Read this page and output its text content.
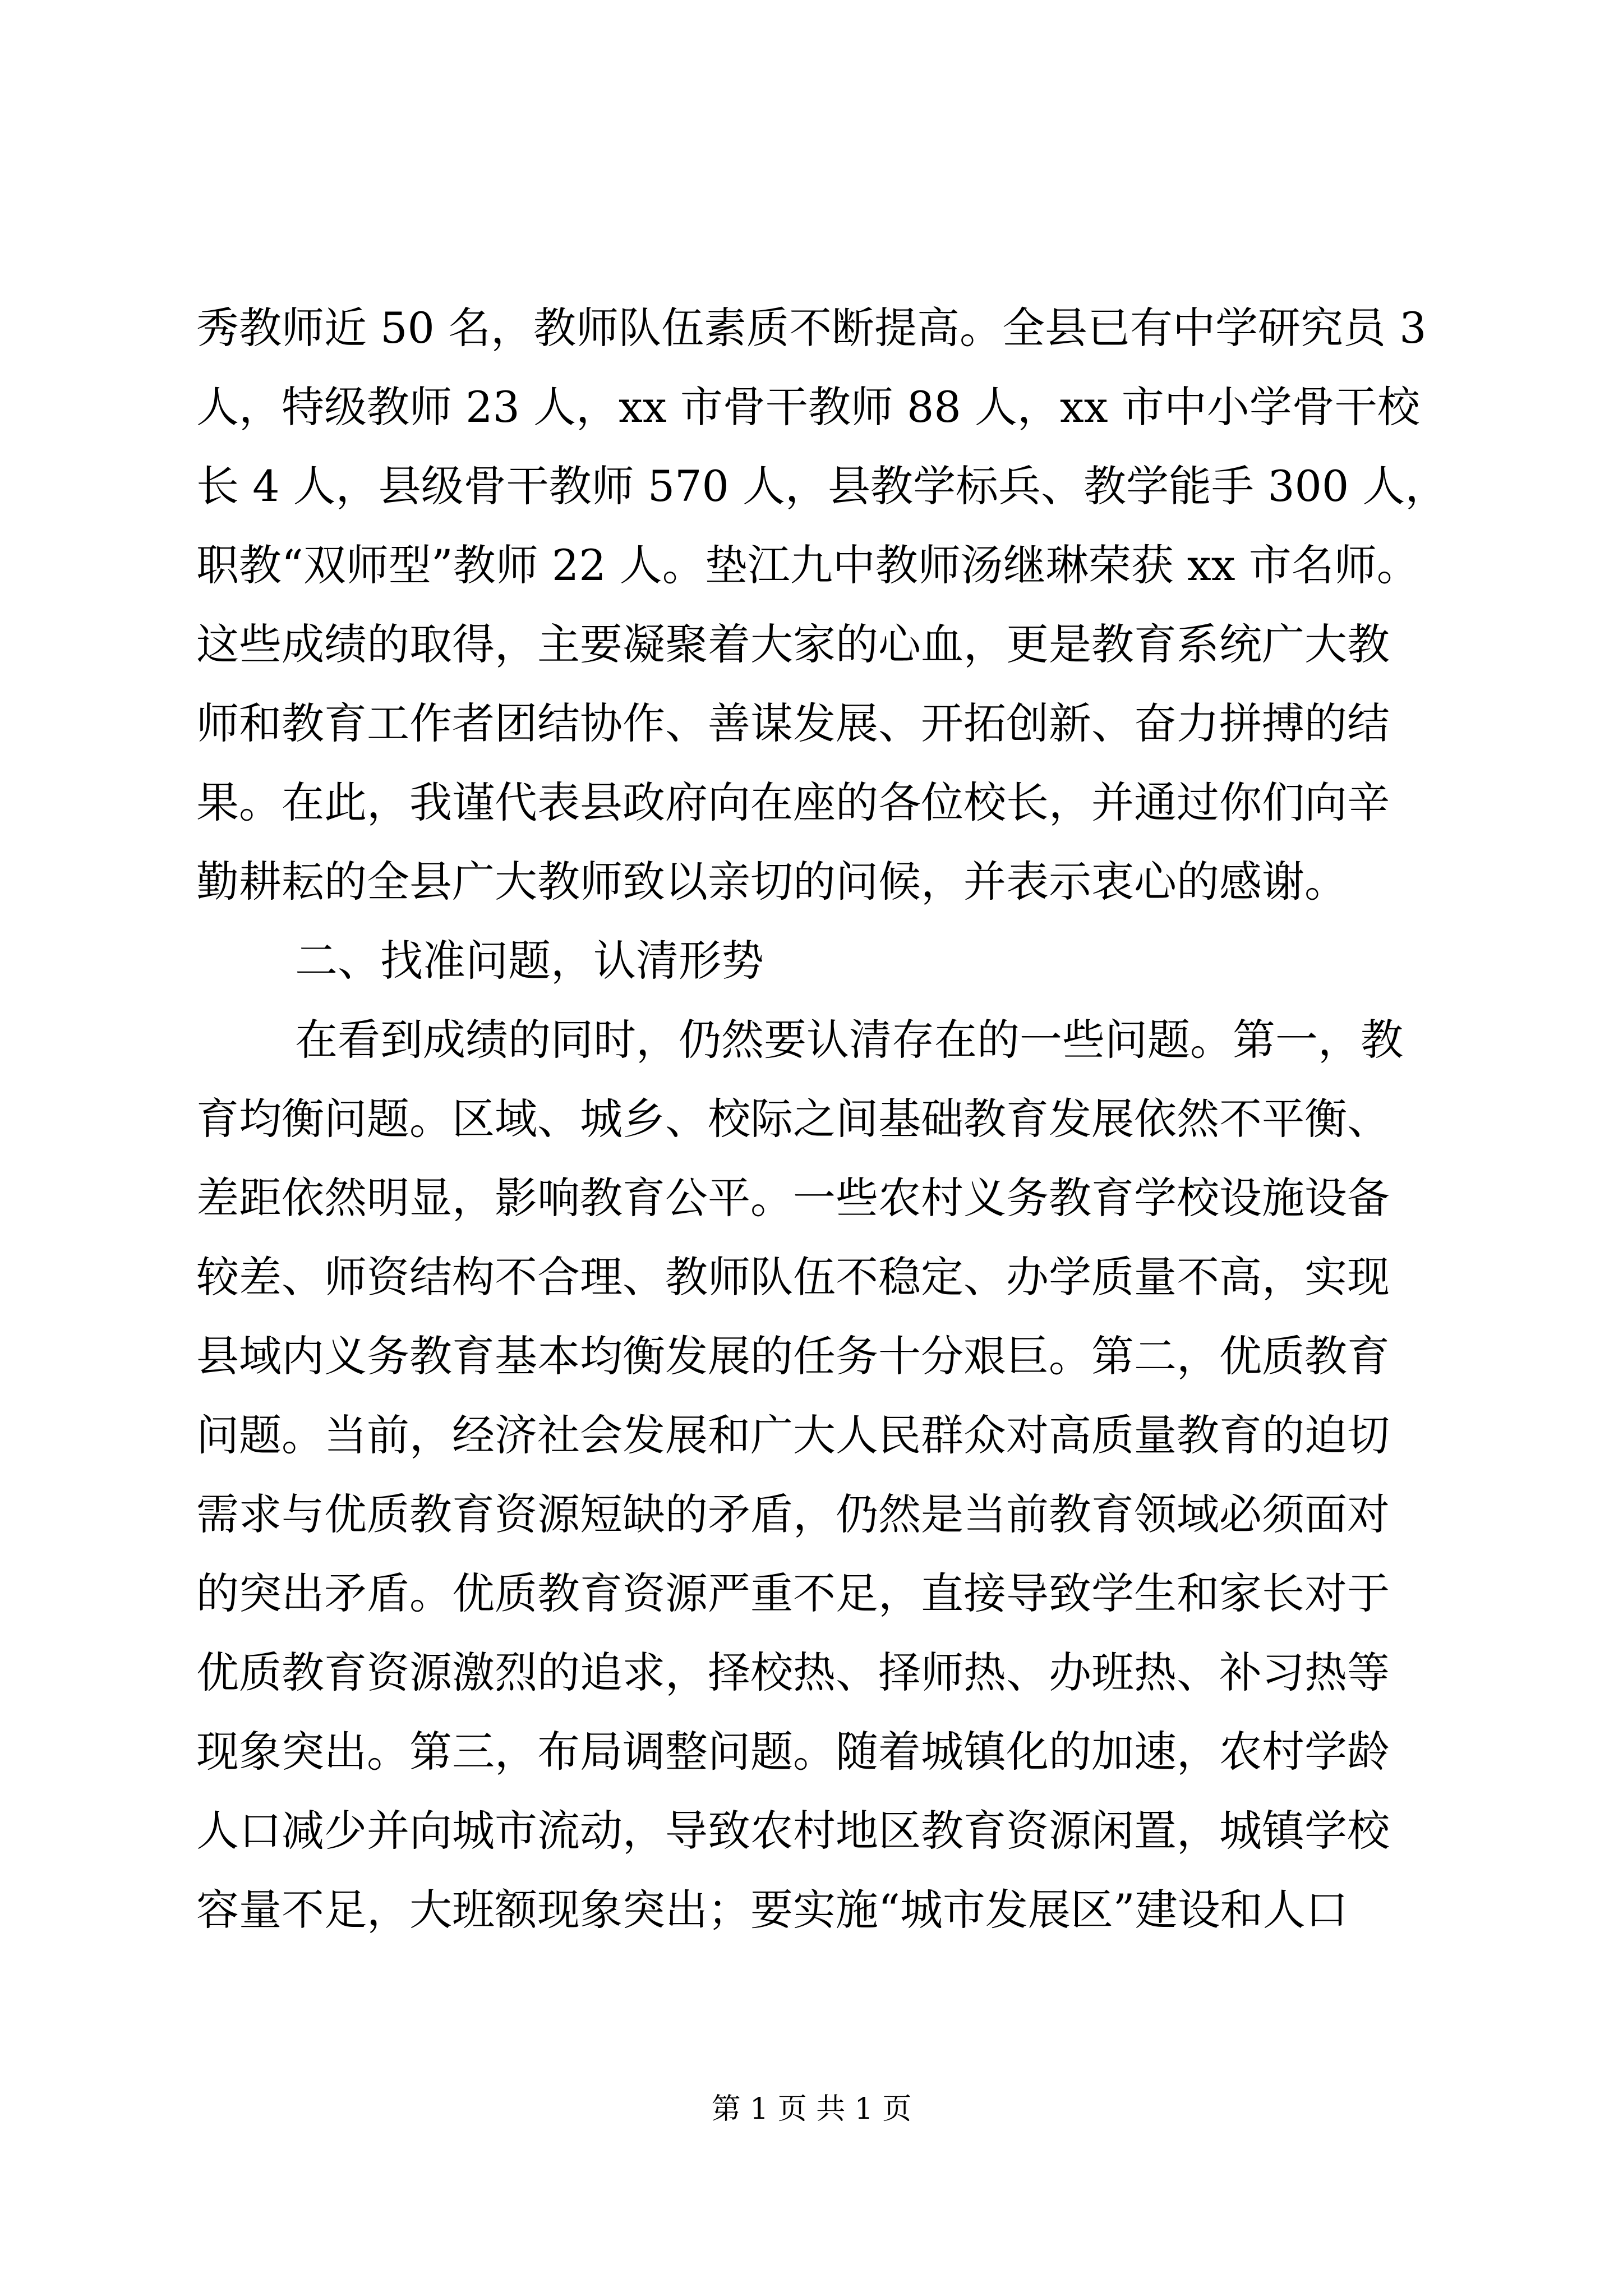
秀教师近 50 名，教师队伍素质不断提高。全县已有中学研究员 3
人，特级教师 23 人，xx 市骨干教师 88 人，xx 市中小学骨干校
长 4 人，县级骨干教师 570 人，县教学标兵、教学能手 300 人，
职教“双师型”教师 22 人。垫江九中教师汤继琳荣获 xx 市名师。
这些成绩的取得，主要凝聚着大家的心血，更是教育系统广大教
师和教育工作者团结协作、善谋发展、开拓创新、奋力拼搏的结
果。在此，我谨代表县政府向在座的各位校长，并通过你们向辛
勤耕耘的全县广大教师致以亲切的问候，并表示衷心的感谢。
二、找准问题，认清形势
在看到成绩的同时，仍然要认清存在的一些问题。第一，教
育均衡问题。区域、城乡、校际之间基础教育发展依然不平衡、
差距依然明显，影响教育公平。一些农村义务教育学校设施设备
较差、师资结构不合理、教师队伍不稳定、办学质量不高，实现
县域内义务教育基本均衡发展的任务十分艰巨。第二，优质教育
问题。当前，经济社会发展和广大人民群众对高质量教育的迫切
需求与优质教育资源短缺的矛盾，仍然是当前教育领域必须面对
的突出矛盾。优质教育资源严重不足，直接导致学生和家长对于
优质教育资源激烈的追求，择校热、择师热、办班热、补习热等
现象突出。第三，布局调整问题。随着城镇化的加速，农村学龄
人口减少并向城市流动，导致农村地区教育资源闲置，城镇学校
容量不足，大班额现象突出；要实施“城市发展区”建设和人口
第 1 页 共 1 页
